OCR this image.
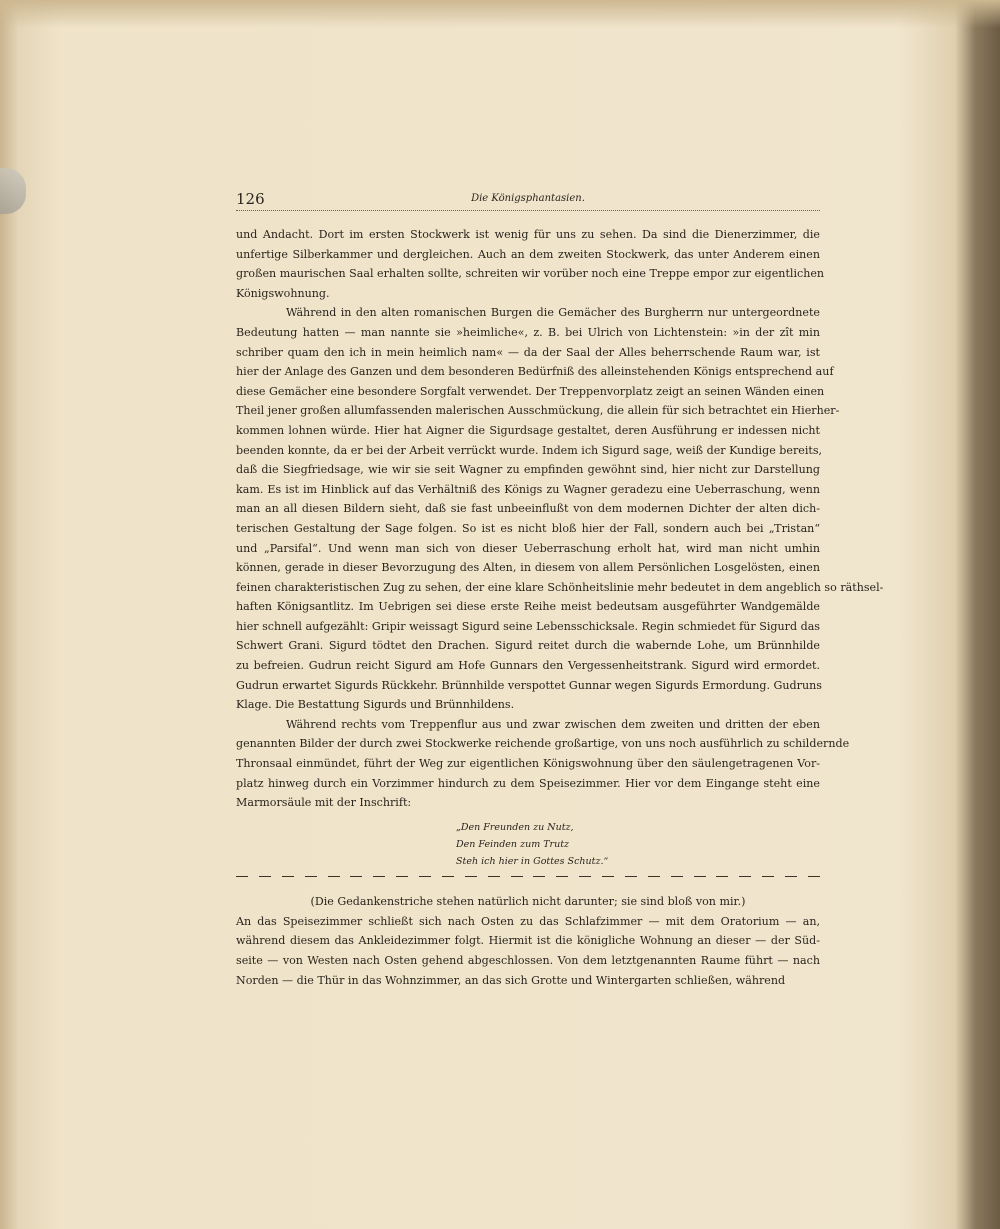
126	Die Königsphantasien.

und Andacht. Dort im ersten Stockwerk ist wenig für uns zu sehen. Da sind die Dienerzimmer, die
unfertige Silberkammer und dergleichen. Auch an dem zweiten Stockwerk, das unter Anderem einen
großen maurischen Saal erhalten sollte, schreiten wir vorüber noch eine Treppe empor zur eigentlichen
Königswohnung.

Während in den alten romanischen Burgen die Gemächer des Burgherrn nur untergeordnete
Bedeutung hatten — man nannte sie »heimliche«, z. B. bei Ulrich von Lichtenstein: »in der zît min
schriber quam den ich in mein heimlich nam« — da der Saal der Alles beherrschende Raum war, ist
hier der Anlage des Ganzen und dem besonderen Bedürfniß des alleinstehenden Königs entsprechend auf
diese Gemächer eine besondere Sorgfalt verwendet. Der Treppenvorplatz zeigt an seinen Wänden einen
Theil jener großen allumfassenden malerischen Ausschmückung, die allein für sich betrachtet ein Hierher-
kommen lohnen würde. Hier hat Aigner die Sigurdsage gestaltet, deren Ausführung er indessen nicht
beenden konnte, da er bei der Arbeit verrückt wurde. Indem ich Sigurd sage, weiß der Kundige bereits,
daß die Siegfriedsage, wie wir sie seit Wagner zu empfinden gewöhnt sind, hier nicht zur Darstellung
kam. Es ist im Hinblick auf das Verhältniß des Königs zu Wagner geradezu eine Ueberraschung, wenn
man an all diesen Bildern sieht, daß sie fast unbeeinflußt von dem modernen Dichter der alten dich-
terischen Gestaltung der Sage folgen. So ist es nicht bloß hier der Fall, sondern auch bei „Tristan“
und „Parsifal“. Und wenn man sich von dieser Ueberraschung erholt hat, wird man nicht umhin
können, gerade in dieser Bevorzugung des Alten, in diesem von allem Persönlichen Losgelösten, einen
feinen charakteristischen Zug zu sehen, der eine klare Schönheitslinie mehr bedeutet in dem angeblich so räthsel-
haften Königsantlitz. Im Uebrigen sei diese erste Reihe meist bedeutsam ausgeführter Wandgemälde
hier schnell aufgezählt: Gripir weissagt Sigurd seine Lebensschicksale. Regin schmiedet für Sigurd das
Schwert Grani. Sigurd tödtet den Drachen. Sigurd reitet durch die wabernde Lohe, um Brünnhilde
zu befreien. Gudrun reicht Sigurd am Hofe Gunnars den Vergessenheitstrank. Sigurd wird ermordet.
Gudrun erwartet Sigurds Rückkehr. Brünnhilde verspottet Gunnar wegen Sigurds Ermordung. Gudruns
Klage. Die Bestattung Sigurds und Brünnhildens.

Während rechts vom Treppenflur aus und zwar zwischen dem zweiten und dritten der eben
genannten Bilder der durch zwei Stockwerke reichende großartige, von uns noch ausführlich zu schildernde
Thronsaal einmündet, führt der Weg zur eigentlichen Königswohnung über den säulengetragenen Vor-
platz hinweg durch ein Vorzimmer hindurch zu dem Speisezimmer. Hier vor dem Eingange steht eine
Marmorsäule mit der Inschrift:

„Den Freunden zu Nutz,
Den Feinden zum Trutz
Steh ich hier in Gottes Schutz.“
(Die Gedankenstriche stehen natürlich nicht darunter; sie sind bloß von mir.)

An das Speisezimmer schließt sich nach Osten zu das Schlafzimmer — mit dem Oratorium — an,
während diesem das Ankleidezimmer folgt. Hiermit ist die königliche Wohnung an dieser — der Süd-
seite — von Westen nach Osten gehend abgeschlossen. Von dem letztgenannten Raume führt — nach
Norden — die Thür in das Wohnzimmer, an das sich Grotte und Wintergarten schließen, während
